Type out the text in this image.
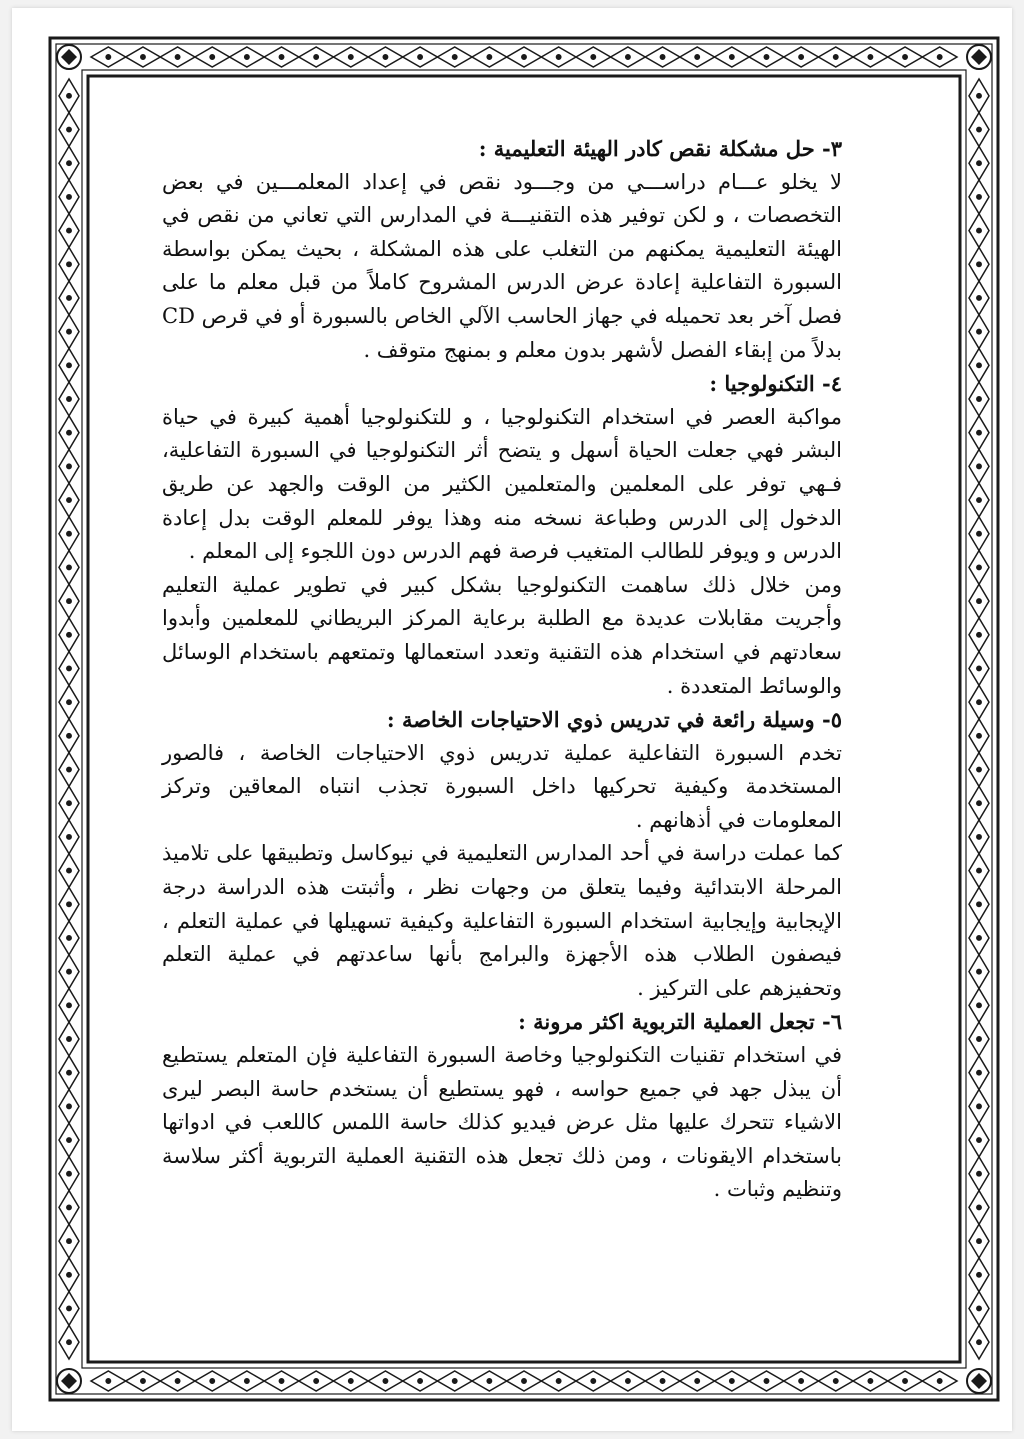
٣- حل مشكلة نقص كادر الهيئة التعليمية :

لا يخلو عـــام دراســـي من وجـــود نقص في إعداد المعلمـــين في بعض التخصصات ، و لكن توفير هذه التقنيـــة في المدارس التي تعاني من نقص في الهيئة التعليمية يمكنهم من التغلب على هذه المشكلة ، بحيث يمكن بواسطة السبورة التفاعلية إعادة عرض الدرس المشروح كاملاً من قبل معلم ما على فصل آخر بعد تحميله في جهاز الحاسب الآلي الخاص بالسبورة أو في قرص CD بدلاً من إبقاء الفصل لأشهر بدون معلم و بمنهج متوقف .

٤- التكنولوجيا :

مواكبة العصر في استخدام التكنولوجيا ، و للتكنولوجيا أهمية كبيرة في حياة البشر فهي جعلت الحياة أسهل و يتضح أثر التكنولوجيا في السبورة التفاعلية، فـهي توفر على المعلمين والمتعلمين الكثير من الوقت والجهد عن طريق الدخول إلى الدرس وطباعة نسخه منه وهذا يوفر للمعلم الوقت بدل إعادة الدرس و ويوفر للطالب المتغيب فرصة فهم الدرس دون اللجوء إلى المعلم .

ومن خلال ذلك ساهمت التكنولوجيا بشكل كبير في تطوير عملية التعليم وأجريت مقابلات عديدة مع الطلبة برعاية المركز البريطاني للمعلمين وأبدوا سعادتهم في استخدام هذه التقنية وتعدد استعمالها وتمتعهم باستخدام الوسائل والوسائط المتعددة .

٥- وسيلة رائعة في تدريس ذوي الاحتياجات الخاصة :

تخدم السبورة التفاعلية عملية تدريس ذوي الاحتياجات الخاصة ، فالصور المستخدمة وكيفية تحركيها داخل السبورة تجذب انتباه المعاقين وتركز المعلومات في أذهانهم .

كما عملت دراسة في أحد المدارس التعليمية في نيوكاسل وتطبيقها على تلاميذ المرحلة الابتدائية وفيما يتعلق من وجهات نظر ، وأثبتت هذه الدراسة درجة الإيجابية وإيجابية استخدام السبورة التفاعلية وكيفية تسهيلها في عملية التعلم ، فيصفون الطلاب هذه الأجهزة والبرامج بأنها ساعدتهم في عملية التعلم وتحفيزهم على التركيز .

٦- تجعل العملية التربوية اكثر مرونة :

في استخدام تقنيات التكنولوجيا وخاصة السبورة التفاعلية فإن المتعلم يستطيع أن يبذل جهد في جميع حواسه ، فهو يستطيع أن يستخدم حاسة البصر ليرى الاشياء تتحرك عليها مثل عرض فيديو كذلك حاسة اللمس كاللعب في ادواتها باستخدام الايقونات ، ومن ذلك تجعل هذه التقنية العملية التربوية أكثر سلاسة وتنظيم وثبات .
